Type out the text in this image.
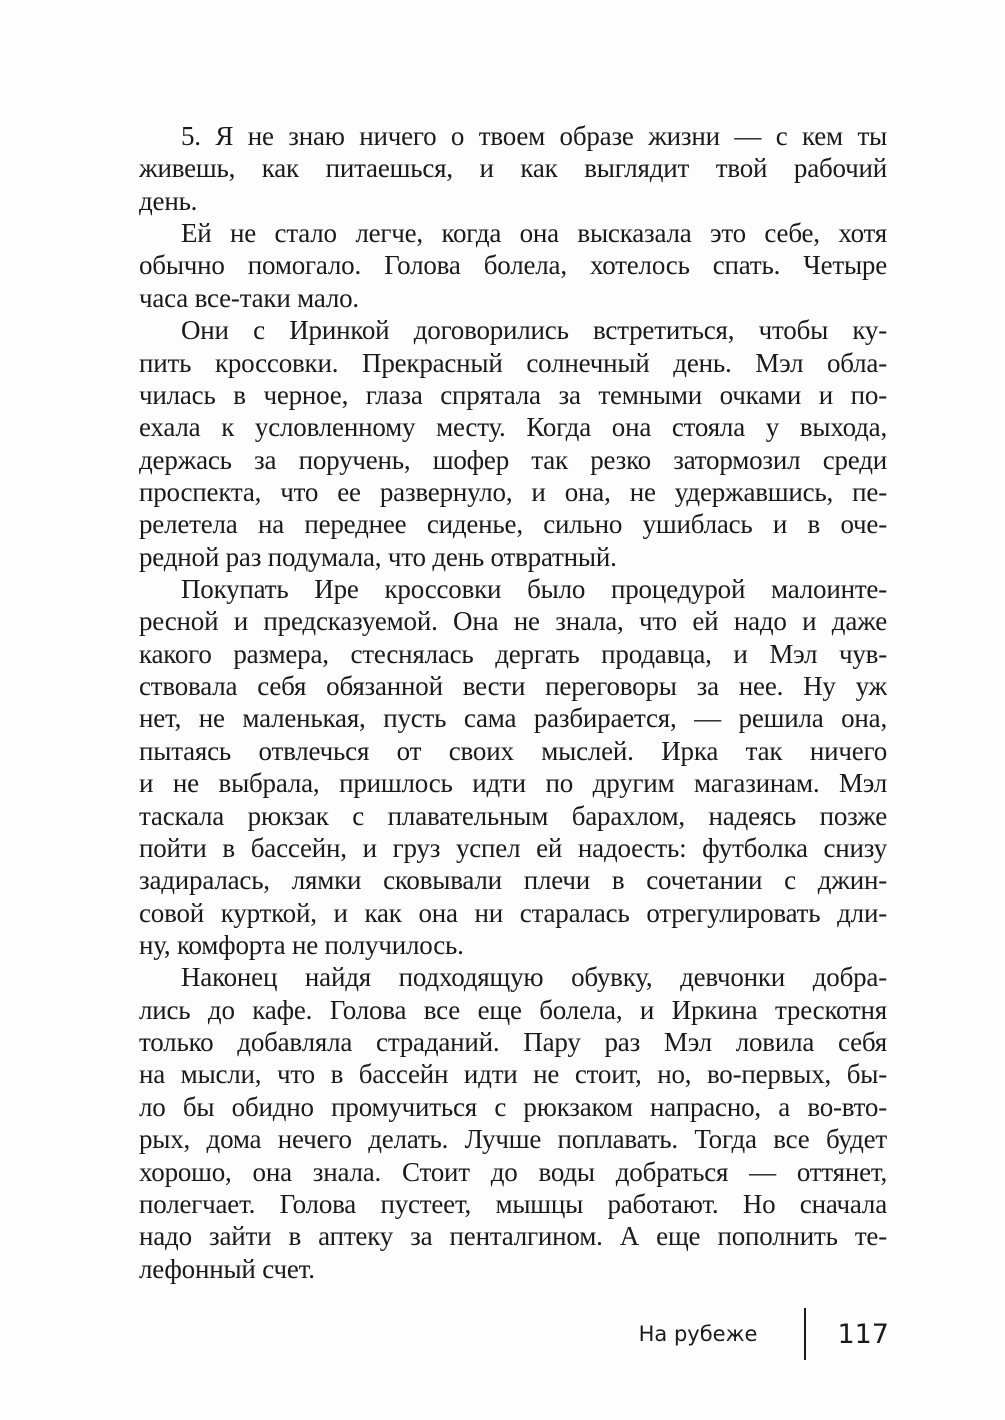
5. Я не знаю ничего о твоем образе жизни — с кем ты
живешь, как питаешься, и как выглядит твой рабочий
день.
Ей не стало легче, когда она высказала это себе, хотя
обычно помогало. Голова болела, хотелось спать. Четыре
часа все-таки мало.
Они с Иринкой договорились встретиться, чтобы ку-
пить кроссовки. Прекрасный солнечный день. Мэл обла-
чилась в черное, глаза спрятала за темными очками и по-
ехала к условленному месту. Когда она стояла у выхода,
держась за поручень, шофер так резко затормозил среди
проспекта, что ее развернуло, и она, не удержавшись, пе-
релетела на переднее сиденье, сильно ушиблась и в оче-
редной раз подумала, что день отвратный.
Покупать Ире кроссовки было процедурой малоинте-
ресной и предсказуемой. Она не знала, что ей надо и даже
какого размера, стеснялась дергать продавца, и Мэл чув-
ствовала себя обязанной вести переговоры за нее. Ну уж
нет, не маленькая, пусть сама разбирается, — решила она,
пытаясь отвлечься от своих мыслей. Ирка так ничего
и не выбрала, пришлось идти по другим магазинам. Мэл
таскала рюкзак с плавательным барахлом, надеясь позже
пойти в бассейн, и груз успел ей надоесть: футболка снизу
задиралась, лямки сковывали плечи в сочетании с джин-
совой курткой, и как она ни старалась отрегулировать дли-
ну, комфорта не получилось.
Наконец найдя подходящую обувку, девчонки добра-
лись до кафе. Голова все еще болела, и Иркина трескотня
только добавляла страданий. Пару раз Мэл ловила себя
на мысли, что в бассейн идти не стоит, но, во-первых, бы-
ло бы обидно промучиться с рюкзаком напрасно, а во-вто-
рых, дома нечего делать. Лучше поплавать. Тогда все будет
хорошо, она знала. Стоит до воды добраться — оттянет,
полегчает. Голова пустеет, мышцы работают. Но сначала
надо зайти в аптеку за пенталгином. А еще пополнить те-
лефонный счет.
На рубеже	117
